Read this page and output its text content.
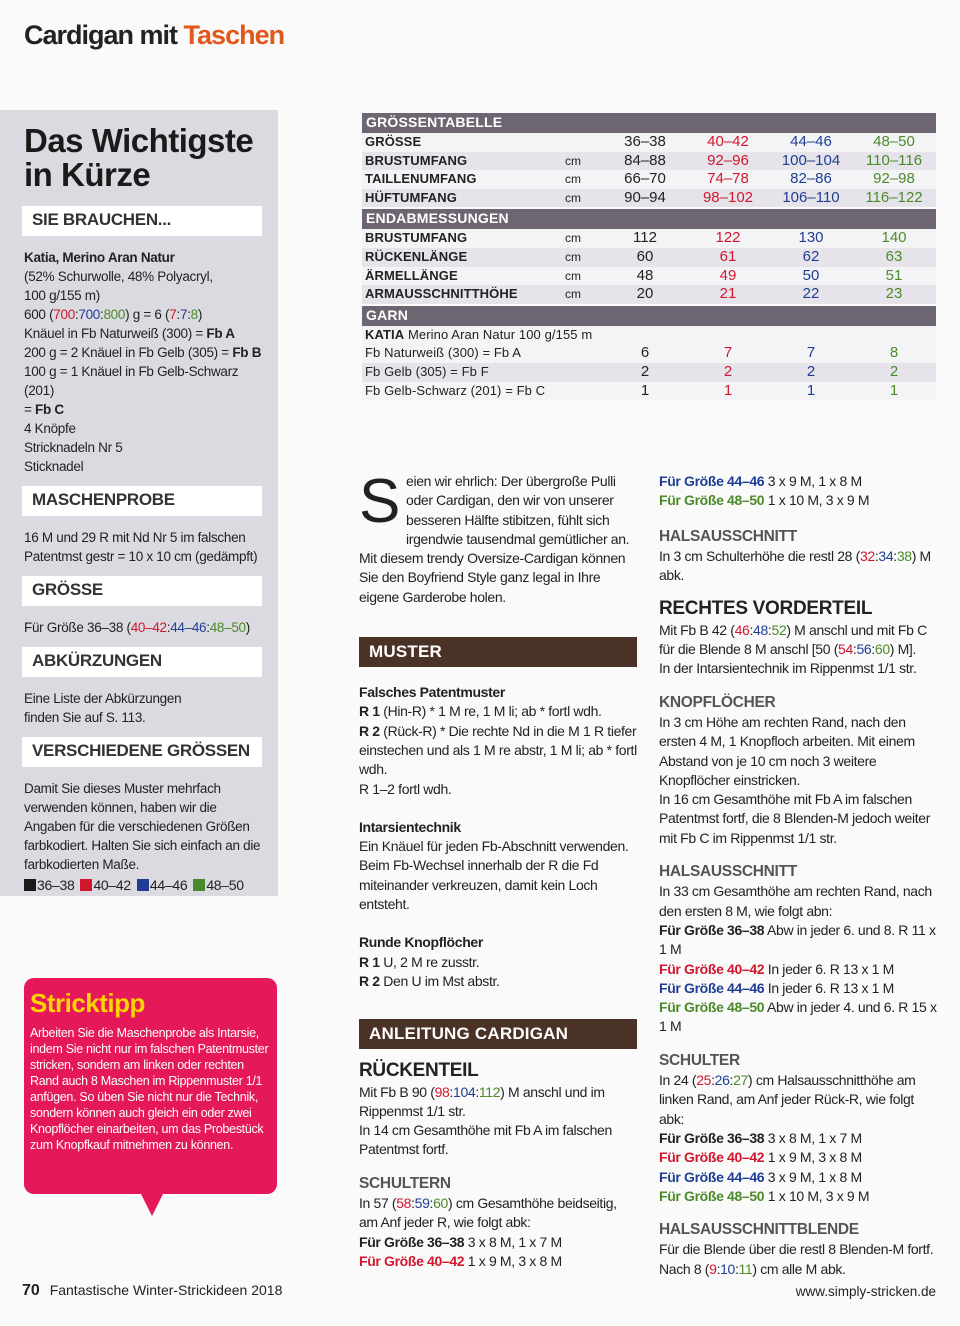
Cardigan mit Taschen
Das Wichtigste
in Kürze
SIE BRAUCHEN...
Katia, Merino Aran Natur
(52% Schurwolle, 48% Polyacryl,
100 g/155 m)
600 (700:700:800) g = 6 (7:7:8)
Knäuel in Fb Naturweiß (300) = Fb A
200 g = 2 Knäuel in Fb Gelb (305) = Fb B
100 g = 1 Knäuel in Fb Gelb-Schwarz (201)
= Fb C
4 Knöpfe
Stricknadeln Nr 5
Sticknadel
MASCHENPROBE
16 M und 29 R mit Nd Nr 5 im falschen
Patentmst gestr = 10 x 10 cm (gedämpft)
GRÖSSE
Für Größe 36–38 (40–42:44–46:48–50)
ABKÜRZUNGEN
Eine Liste der Abkürzungen
finden Sie auf S. 113.
VERSCHIEDENE GRÖSSEN
Damit Sie dieses Muster mehrfach
verwenden können, haben wir die
Angaben für die verschiedenen Größen
farbkodiert. Halten Sie sich einfach an die
farbkodierten Maße.
36–38	40–42	44–46	48–50
Stricktipp
Arbeiten Sie die Maschenprobe als Intarsie, indem Sie nicht nur im falschen Patentmuster stricken, sondern am linken oder rechten Rand auch 8 Maschen im Rippenmuster 1/1 anfügen. So üben Sie nicht nur die Technik, sondern können auch gleich ein oder zwei Knopflöcher einarbeiten, um das Probestück zum Knopfkauf mitnehmen zu können.
GRÖSSENTABELLE
GRÖSSE	36–38	40–42	44–46	48–50
BRUSTUMFANG	cm	84–88	92–96	100–104	110–116
TAILLENUMFANG	cm	66–70	74–78	82–86	92–98
HÜFTUMFANG	cm	90–94	98–102	106–110	116–122
ENDABMESSUNGEN
BRUSTUMFANG	cm	112	122	130	140
RÜCKENLÄNGE	cm	60	61	62	63
ÄRMELLÄNGE	cm	48	49	50	51
ARMAUSSCHNITTHÖHE	cm	20	21	22	23
GARN
KATIA Merino Aran Natur 100 g/155 m
Fb Naturweiß (300) = Fb A	6	7	7	8
Fb Gelb (305) = Fb F	2	2	2	2
Fb Gelb-Schwarz (201) = Fb C	1	1	1	1
Seien wir ehrlich: Der übergroße Pulli oder Cardigan, den wir von unserer besseren Hälfte stibitzen, fühlt sich irgendwie tausendmal gemütlicher an. Mit diesem trendy Oversize-Cardigan können Sie den Boyfriend Style ganz legal in Ihre eigene Garderobe holen.
MUSTER

Falsches Patentmuster

R 1 (Hin-R) * 1 M re, 1 M li; ab * fortl wdh.

R 2 (Rück-R) * Die rechte Nd in die M 1 R tiefer einstechen und als 1 M re abstr, 1 M li; ab * fortl wdh.

R 1–2 fortl wdh.

Intarsientechnik

Ein Knäuel für jeden Fb-Abschnitt verwenden. Beim Fb-Wechsel innerhalb der R die Fd miteinander verkreuzen, damit kein Loch entsteht.

Runde Knopflöcher

R 1 U, 2 M re zusstr.

R 2 Den U im Mst abstr.

ANLEITUNG CARDIGAN
RÜCKENTEIL

Mit Fb B 90 (98:104:112) M anschl und im Rippenmst 1/1 str.

In 14 cm Gesamthöhe mit Fb A im falschen Patentmst fortf.

SCHULTERN

In 57 (58:59:60) cm Gesamthöhe beidseitig, am Anf jeder R, wie folgt abk:

Für Größe 36–38 3 x 8 M, 1 x 7 M

Für Größe 40–42 1 x 9 M, 3 x 8 M

Für Größe 44–46 3 x 9 M, 1 x 8 M

Für Größe 48–50 1 x 10 M, 3 x 9 M

HALSAUSSCHNITT

In 3 cm Schulterhöhe die restl 28 (32:34:38) M abk.

RECHTES VORDERTEIL

Mit Fb B 42 (46:48:52) M anschl und mit Fb C für die Blende 8 M anschl [50 (54:56:60) M].

In der Intarsientechnik im Rippenmst 1/1 str.

KNOPFLÖCHER

In 3 cm Höhe am rechten Rand, nach den ersten 4 M, 1 Knopfloch arbeiten. Mit einem Abstand von je 10 cm noch 3 weitere Knopflöcher einstricken.

In 16 cm Gesamthöhe mit Fb A im falschen Patentmst fortf, die 8 Blenden-M jedoch weiter mit Fb C im Rippenmst 1/1 str.

HALSAUSSCHNITT

In 33 cm Gesamthöhe am rechten Rand, nach den ersten 8 M, wie folgt abn:

Für Größe 36–38 Abw in jeder 6. und 8. R 11 x 1 M

Für Größe 40–42 In jeder 6. R 13 x 1 M

Für Größe 44–46 In jeder 6. R 13 x 1 M

Für Größe 48–50 Abw in jeder 4. und 6. R 15 x 1 M

SCHULTER

In 24 (25:26:27) cm Halsausschnitthöhe am linken Rand, am Anf jeder Rück-R, wie folgt abk:

Für Größe 36–38 3 x 8 M, 1 x 7 M

Für Größe 40–42 1 x 9 M, 3 x 8 M

Für Größe 44–46 3 x 9 M, 1 x 8 M

Für Größe 48–50 1 x 10 M, 3 x 9 M

HALSAUSSCHNITTBLENDE

Für die Blende über die restl 8 Blenden-M fortf.

Nach 8 (9:10:11) cm alle M abk.

70 Fantastische Winter-Strickideen 2018	www.simply-stricken.de
